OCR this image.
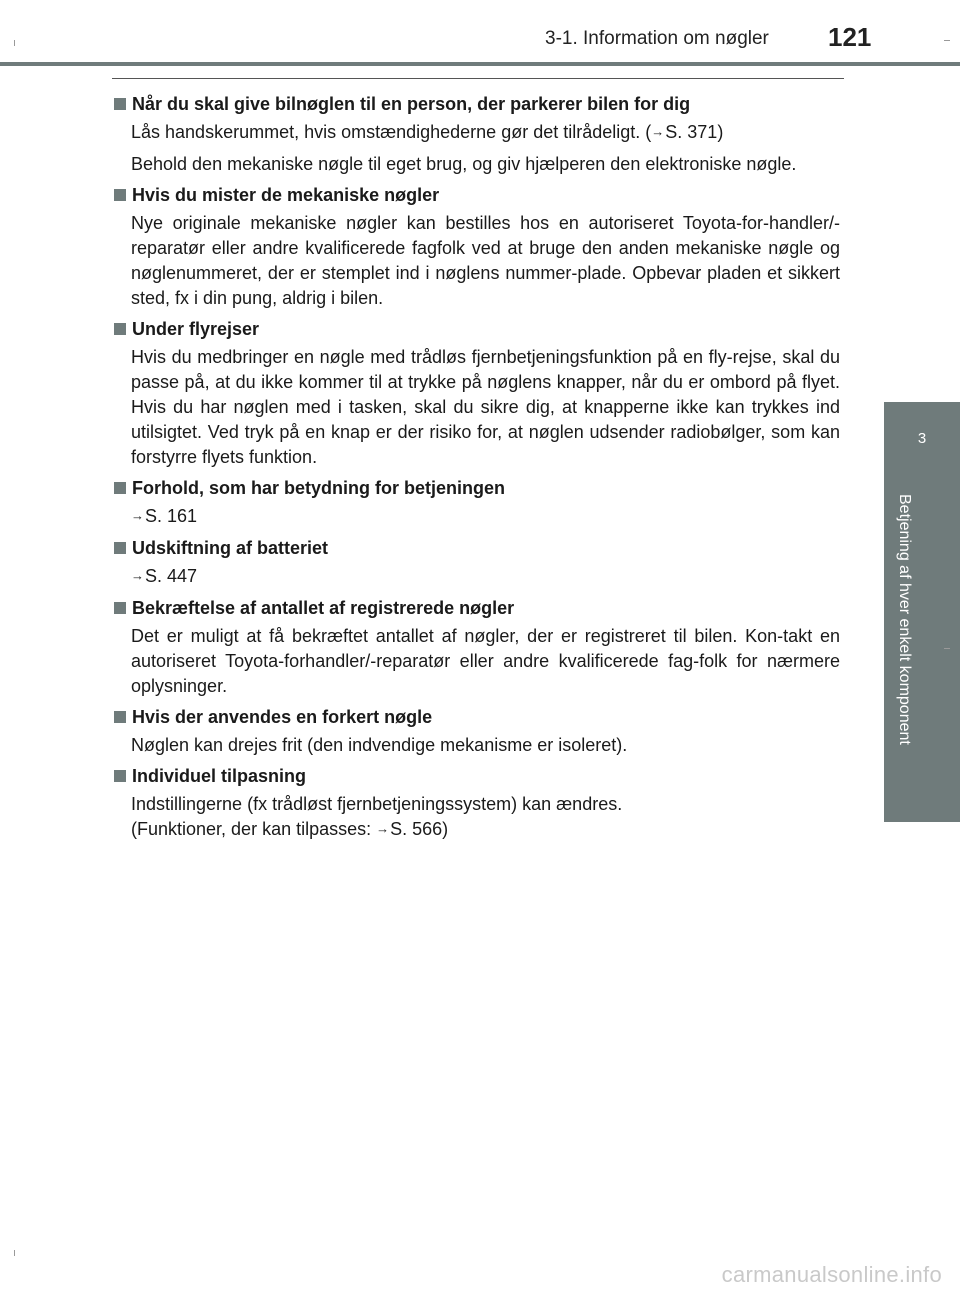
3-1. Information om nøgler 121
3
Betjening af hver enkelt komponent
Når du skal give bilnøglen til en person, der parkerer bilen for dig
Lås handskerummet, hvis omstændighederne gør det tilrådeligt. (→S. 371)
Behold den mekaniske nøgle til eget brug, og giv hjælperen den elektroniske nøgle.
Hvis du mister de mekaniske nøgler
Nye originale mekaniske nøgler kan bestilles hos en autoriseret Toyota-for-handler/-reparatør eller andre kvalificerede fagfolk ved at bruge den anden mekaniske nøgle og nøglenummeret, der er stemplet ind i nøglens nummer-plade. Opbevar pladen et sikkert sted, fx i din pung, aldrig i bilen.
Under flyrejser
Hvis du medbringer en nøgle med trådløs fjernbetjeningsfunktion på en fly-rejse, skal du passe på, at du ikke kommer til at trykke på nøglens knapper, når du er ombord på flyet. Hvis du har nøglen med i tasken, skal du sikre dig, at knapperne ikke kan trykkes ind utilsigtet. Ved tryk på en knap er der risiko for, at nøglen udsender radiobølger, som kan forstyrre flyets funktion.
Forhold, som har betydning for betjeningen
→S. 161
Udskiftning af batteriet
→S. 447
Bekræftelse af antallet af registrerede nøgler
Det er muligt at få bekræftet antallet af nøgler, der er registreret til bilen. Kon-takt en autoriseret Toyota-forhandler/-reparatør eller andre kvalificerede fag-folk for nærmere oplysninger.
Hvis der anvendes en forkert nøgle
Nøglen kan drejes frit (den indvendige mekanisme er isoleret).
Individuel tilpasning
Indstillingerne (fx trådløst fjernbetjeningssystem) kan ændres.
(Funktioner, der kan tilpasses: →S. 566)
carmanualsonline.info
